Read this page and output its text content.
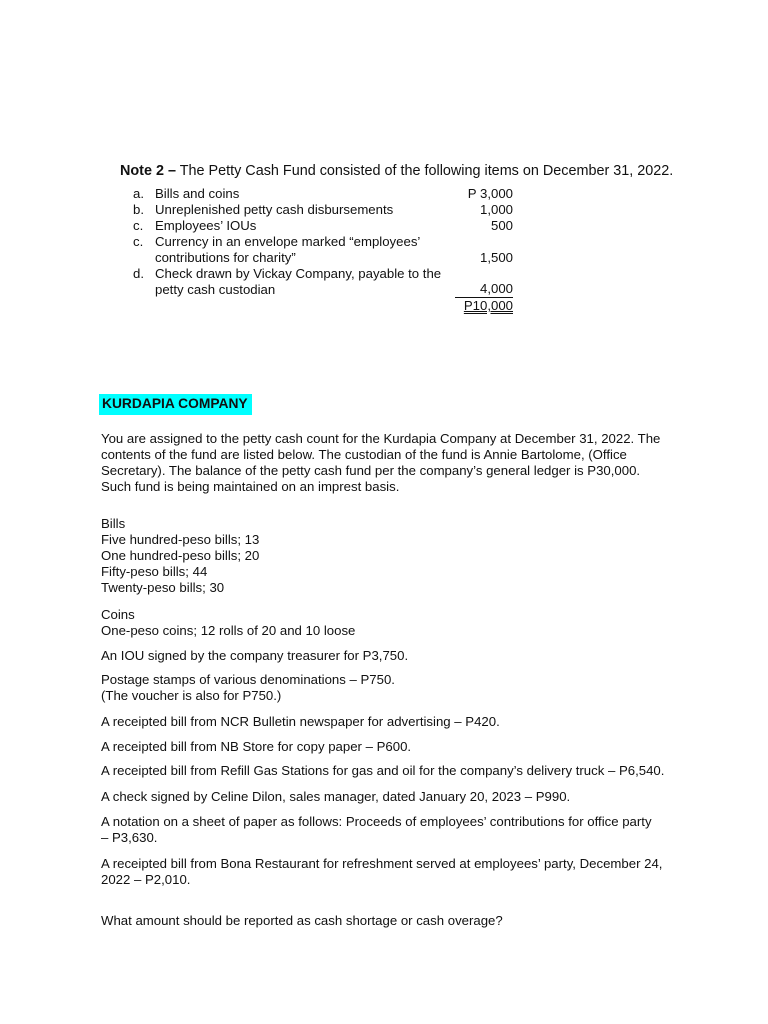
Note 2 – The Petty Cash Fund consisted of the following items on December 31, 2022.
a. Bills and coins	P 3,000
b. Unreplenished petty cash disbursements	1,000
c. Employees’ IOUs	500
c. Currency in an envelope marked “employees’
contributions for charity”	1,500
d. Check drawn by Vickay Company, payable to the
petty cash custodian	4,000
P10,000
KURDAPIA COMPANY
You are assigned to the petty cash count for the Kurdapia Company at December 31, 2022. The
contents of the fund are listed below. The custodian of the fund is Annie Bartolome, (Office
Secretary). The balance of the petty cash fund per the company’s general ledger is P30,000.
Such fund is being maintained on an imprest basis.
Bills
Five hundred-peso bills; 13
One hundred-peso bills; 20
Fifty-peso bills; 44
Twenty-peso bills; 30
Coins
One-peso coins; 12 rolls of 20 and 10 loose
An IOU signed by the company treasurer for P3,750.
Postage stamps of various denominations – P750.
(The voucher is also for P750.)
A receipted bill from NCR Bulletin newspaper for advertising – P420.
A receipted bill from NB Store for copy paper – P600.
A receipted bill from Refill Gas Stations for gas and oil for the company’s delivery truck – P6,540.
A check signed by Celine Dilon, sales manager, dated January 20, 2023 – P990.
A notation on a sheet of paper as follows: Proceeds of employees’ contributions for office party
– P3,630.
A receipted bill from Bona Restaurant for refreshment served at employees’ party, December 24,
2022 – P2,010.
What amount should be reported as cash shortage or cash overage?
